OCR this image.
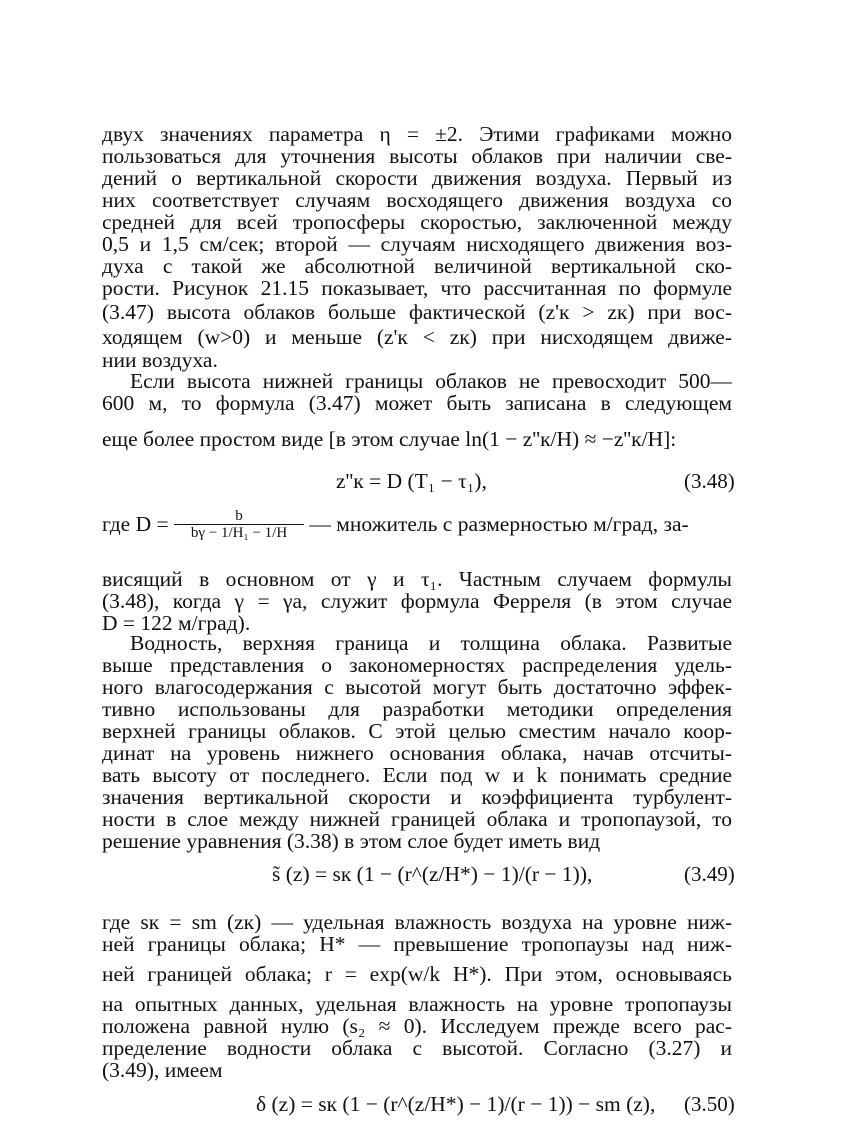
двух значениях параметра η = ±2. Этими графиками можно
пользоваться для уточнения высоты облаков при наличии све-
дений о вертикальной скорости движения воздуха. Первый из
них соответствует случаям восходящего движения воздуха со
средней для всей тропосферы скоростью, заключенной между
0,5 и 1,5 см/сек; второй — случаям нисходящего движения воз-
духа с такой же абсолютной величиной вертикальной ско-
рости. Рисунок 21.15 показывает, что рассчитанная по формуле
(3.47) высота облаков больше фактической (z'к > zк) при вос-
ходящем (w>0) и меньше (z'к < zк) при нисходящем движе-
нии воздуха.
Если высота нижней границы облаков не превосходит 500—
600 м, то формула (3.47) может быть записана в следующем
еще более простом виде [в этом случае ln(1 − z''к/H) ≈ −z''к/H]:
z''к = D (T₁ − τ₁),	(3.48)
где $D = \frac{b}{\text{bγ − 1/H₁ − 1/H}}$ — множитель с размерностью м/град, за-
висящий в основном от γ и τ₁. Частным случаем формулы
(3.48), когда γ = γа, служит формула Ферреля (в этом случае
D = 122 м/град).
Водность, верхняя граница и толщина облака. Развитые
выше представления о закономерностях распределения удель-
ного влагосодержания с высотой могут быть достаточно эффек-
тивно использованы для разработки методики определения
верхней границы облаков. С этой целью сместим начало коор-
динат на уровень нижнего основания облака, начав отсчиты-
вать высоту от последнего. Если под w и k понимать средние
значения вертикальной скорости и коэффициента турбулент-
ности в слое между нижней границей облака и тропопаузой, то
решение уравнения (3.38) в этом слое будет иметь вид
s̃ (z) = sк (1 − (r^(z/H*) − 1)/(r − 1)),	(3.49)
где sк = sm (zк) — удельная влажность воздуха на уровне ниж-
ней границы облака; H* — превышение тропопаузы над ниж-
ней границей облака; r = exp(w/k H*). При этом, основываясь
на опытных данных, удельная влажность на уровне тропопаузы
положена равной нулю (s₂ ≈ 0). Исследуем прежде всего рас-
пределение водности облака с высотой. Согласно (3.27) и
(3.49), имеем
δ (z) = sк (1 − (r^(z/H*) − 1)/(r − 1)) − sm (z), (3.50)
